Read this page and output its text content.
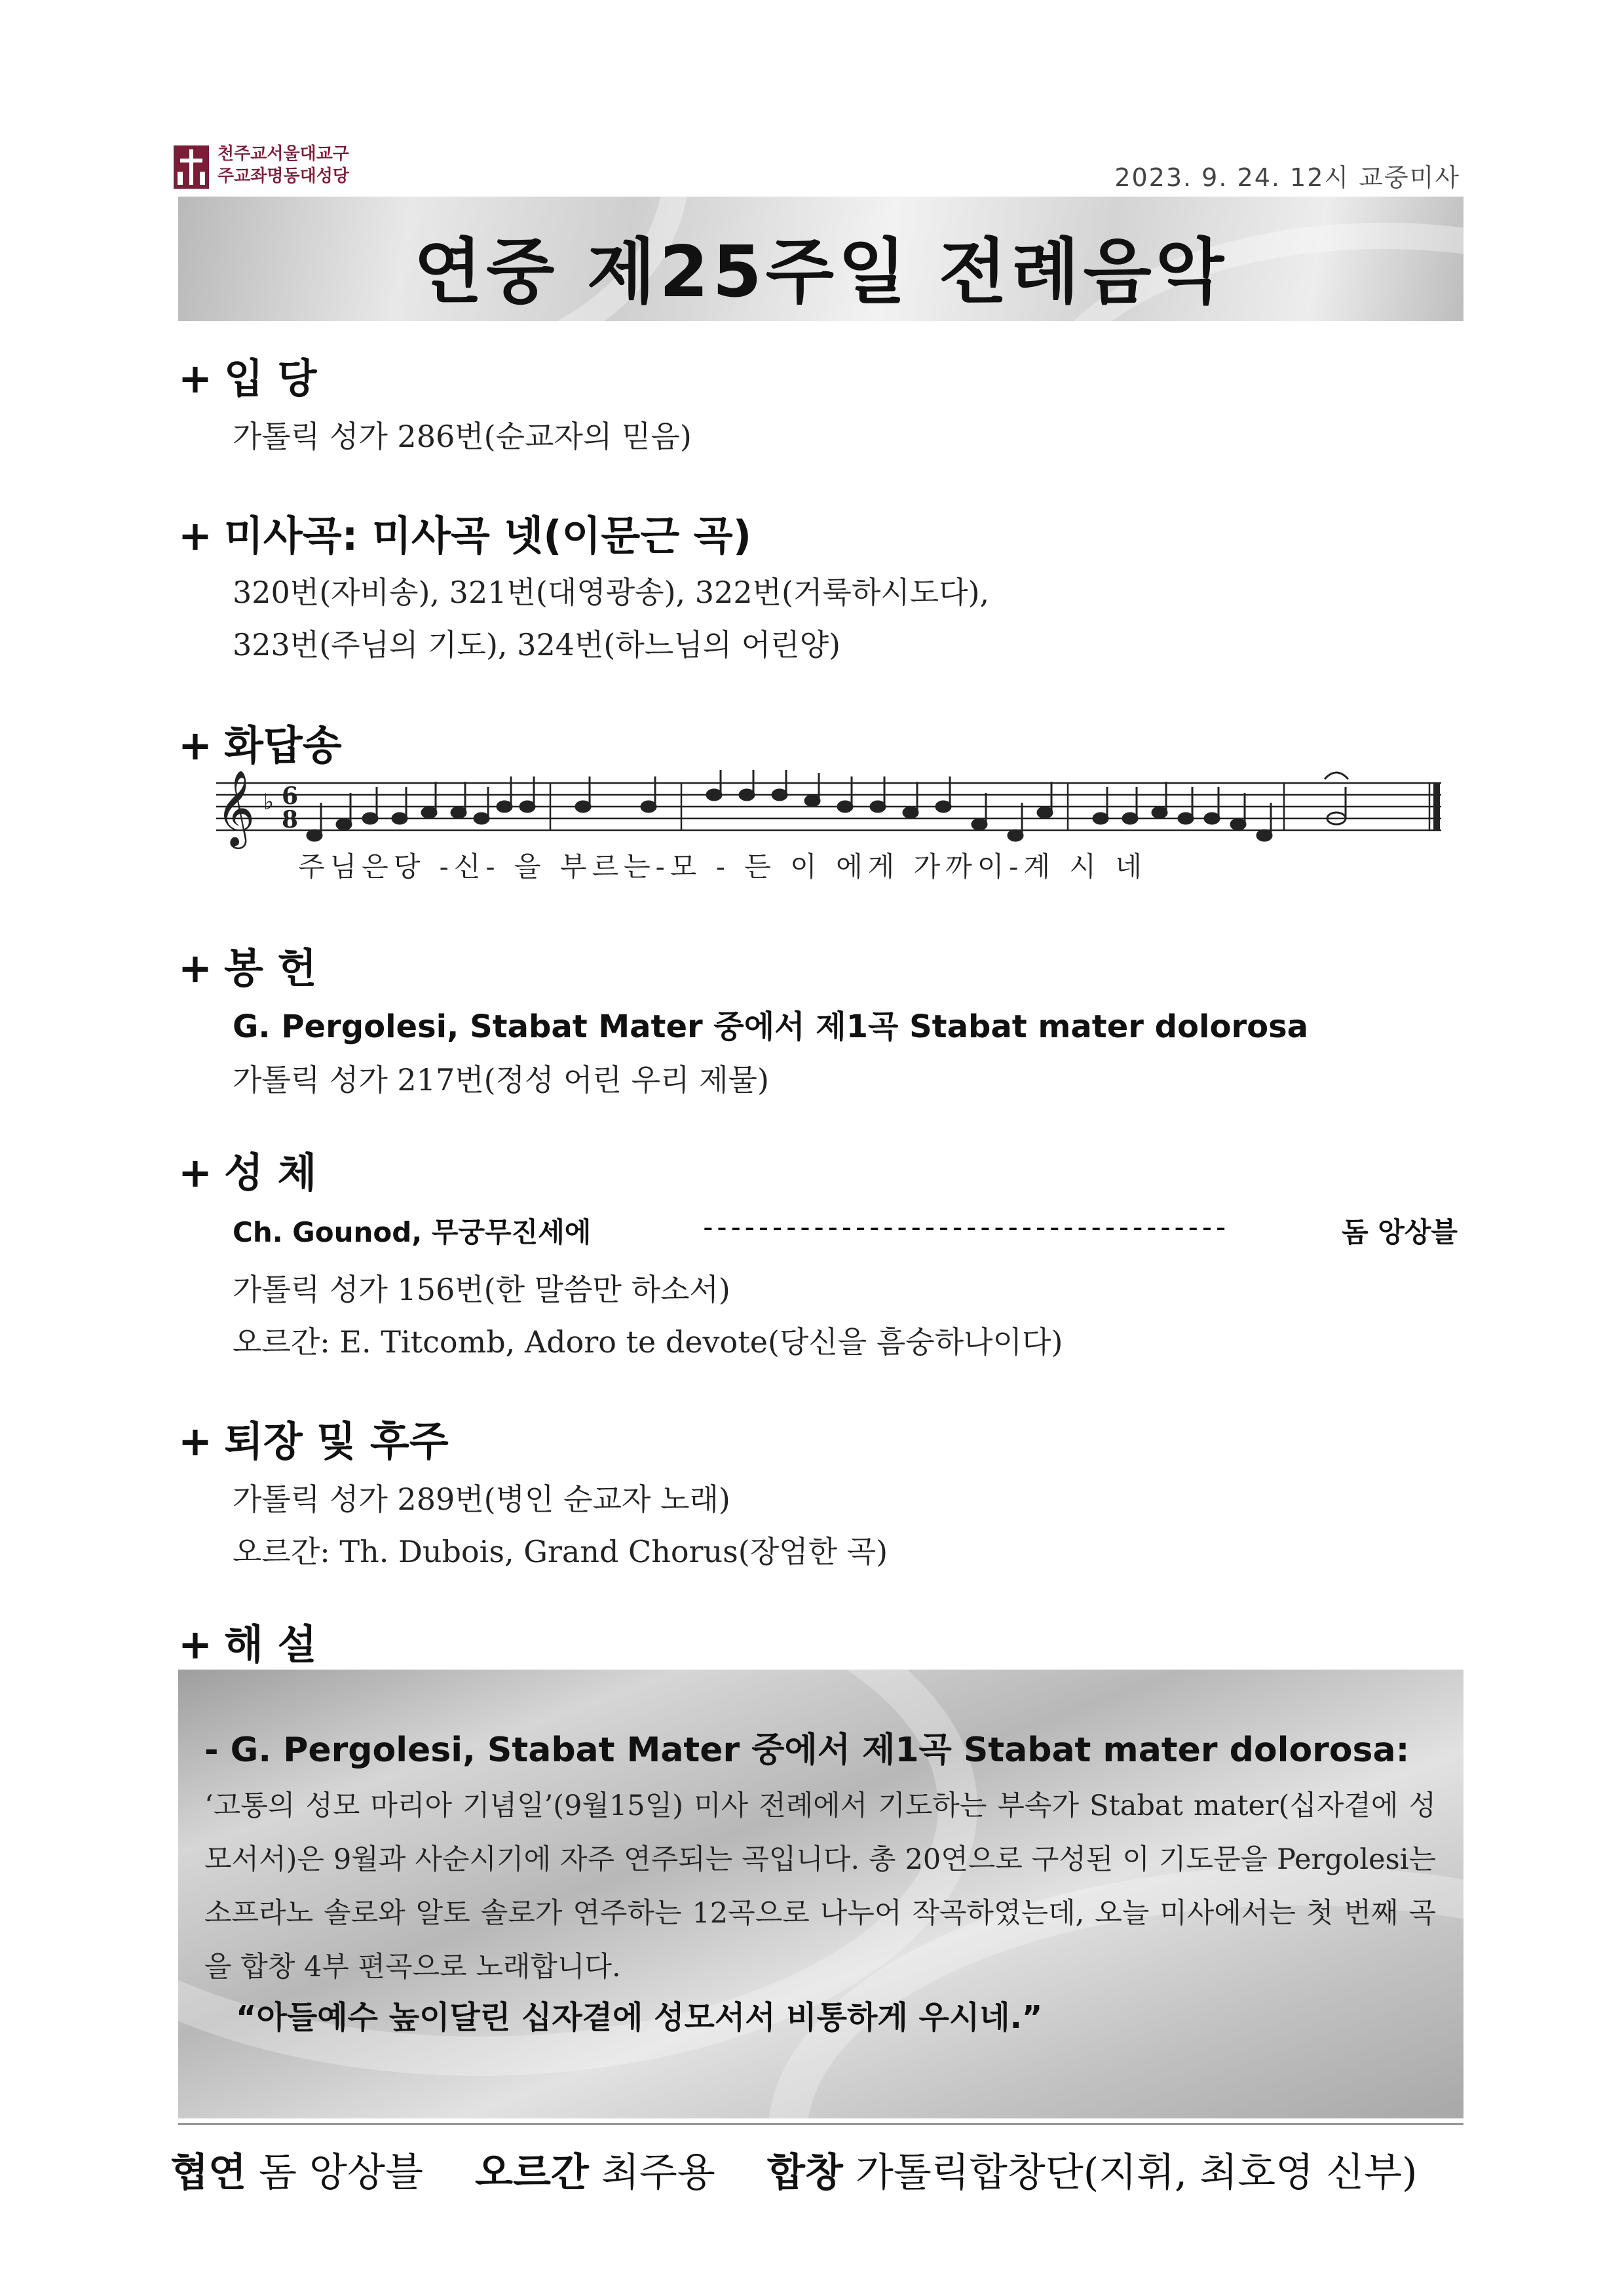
천주교서울대교구
주교좌명동대성당	2023. 9. 24. 12시 교중미사
연중 제25주일 전례음악
+ 입 당
가톨릭 성가 286번(순교자의 믿음)
+ 미사곡: 미사곡 넷(이문근 곡)
320번(자비송), 321번(대영광송), 322번(거룩하시도다),
323번(주님의 기도), 324번(하느님의 어린양)
+ 화답송
𝄞 ♭ 6
8
주님은당 -신- 을 부르는-모 - 든 이 에게 가까이-계 시 네
+ 봉 헌
G. Pergolesi, Stabat Mater 중에서 제1곡 Stabat mater dolorosa
가톨릭 성가 217번(정성 어린 우리 제물)
+ 성 체
Ch. Gounod, 무궁무진세에	--------------------------------------	돔 앙상블
가톨릭 성가 156번(한 말씀만 하소서)
오르간: E. Titcomb, Adoro te devote(당신을 흠숭하나이다)
+ 퇴장 및 후주
가톨릭 성가 289번(병인 순교자 노래)
오르간: Th. Dubois, Grand Chorus(장엄한 곡)
+ 해 설
- G. Pergolesi, Stabat Mater 중에서 제1곡 Stabat mater dolorosa:
‘고통의 성모 마리아 기념일’(9월15일) 미사 전례에서 기도하는 부속가 Stabat mater(십자곁에 성모서서)은 9월과 사순시기에 자주 연주되는 곡입니다. 총 20연으로 구성된 이 기도문을 Pergolesi는 소프라노 솔로와 알토 솔로가 연주하는 12곡으로 나누어 작곡하였는데, 오늘 미사에서는 첫 번째 곡을 합창 4부 편곡으로 노래합니다.
“아들예수 높이달린 십자곁에 성모서서 비통하게 우시네.”
협연 돔 앙상블 오르간 최주용 합창 가톨릭합창단(지휘, 최호영 신부)
